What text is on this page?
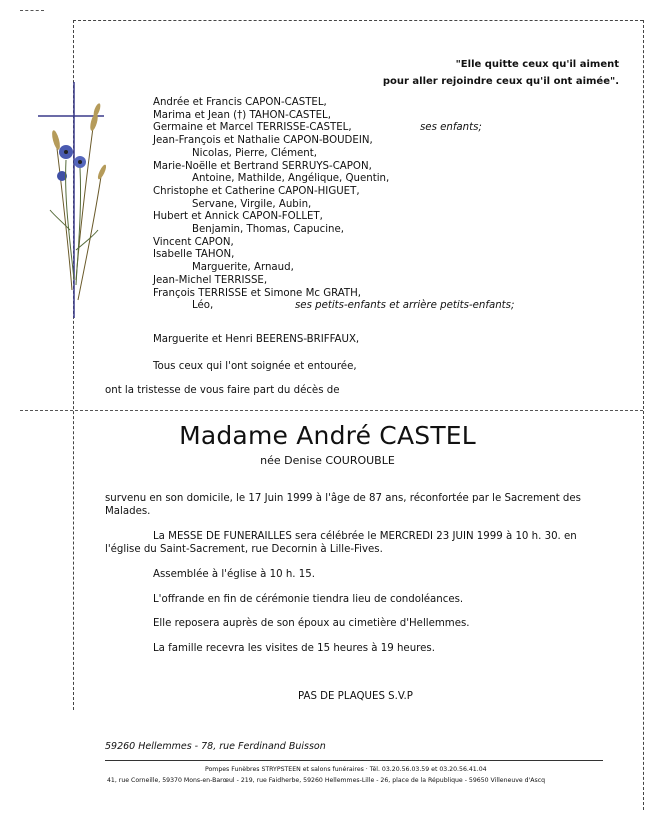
"Elle quitte ceux qu'il aiment
pour aller rejoindre ceux qu'il ont aimée".
Andrée et Francis CAPON-CASTEL,
Marima et Jean (†) TAHON-CASTEL,
Germaine et Marcel TERRISSE-CASTEL,	ses enfants;
Jean-François et Nathalie CAPON-BOUDEIN,
Nicolas, Pierre, Clément,
Marie-Noëlle et Bertrand SERRUYS-CAPON,
Antoine, Mathilde, Angélique, Quentin,
Christophe et Catherine CAPON-HIGUET,
Servane, Virgile, Aubin,
Hubert et Annick CAPON-FOLLET,
Benjamin, Thomas, Capucine,
Vincent CAPON,
Isabelle TAHON,
Marguerite, Arnaud,
Jean-Michel TERRISSE,
François TERRISSE et Simone Mc GRATH,
Léo,	ses petits-enfants et arrière petits-enfants;
Marguerite et Henri BEERENS-BRIFFAUX,
Tous ceux qui l'ont soignée et entourée,
ont la tristesse de vous faire part du décès de
Madame André CASTEL
née Denise COUROUBLE
survenu en son domicile, le 17 Juin 1999 à l'âge de 87 ans, réconfortée par le Sacrement des Malades.
La MESSE DE FUNERAILLES sera célébrée le MERCREDI 23 JUIN 1999 à 10 h. 30. en
l'église du Saint-Sacrement, rue Decornin à Lille-Fives.
Assemblée à l'église à 10 h. 15.
L'offrande en fin de cérémonie tiendra lieu de condoléances.
Elle reposera auprès de son époux au cimetière d'Hellemmes.
La famille recevra les visites de 15 heures à 19 heures.
PAS DE PLAQUES S.V.P
59260 Hellemmes - 78, rue Ferdinand Buisson
Pompes Funèbres STRYPSTEEN et salons funéraires · Tél. 03.20.56.03.59 et 03.20.56.41.04
41, rue Corneille, 59370 Mons-en-Barœul - 219, rue Faidherbe, 59260 Hellemmes-Lille - 26, place de la République - 59650 Villeneuve d'Ascq
